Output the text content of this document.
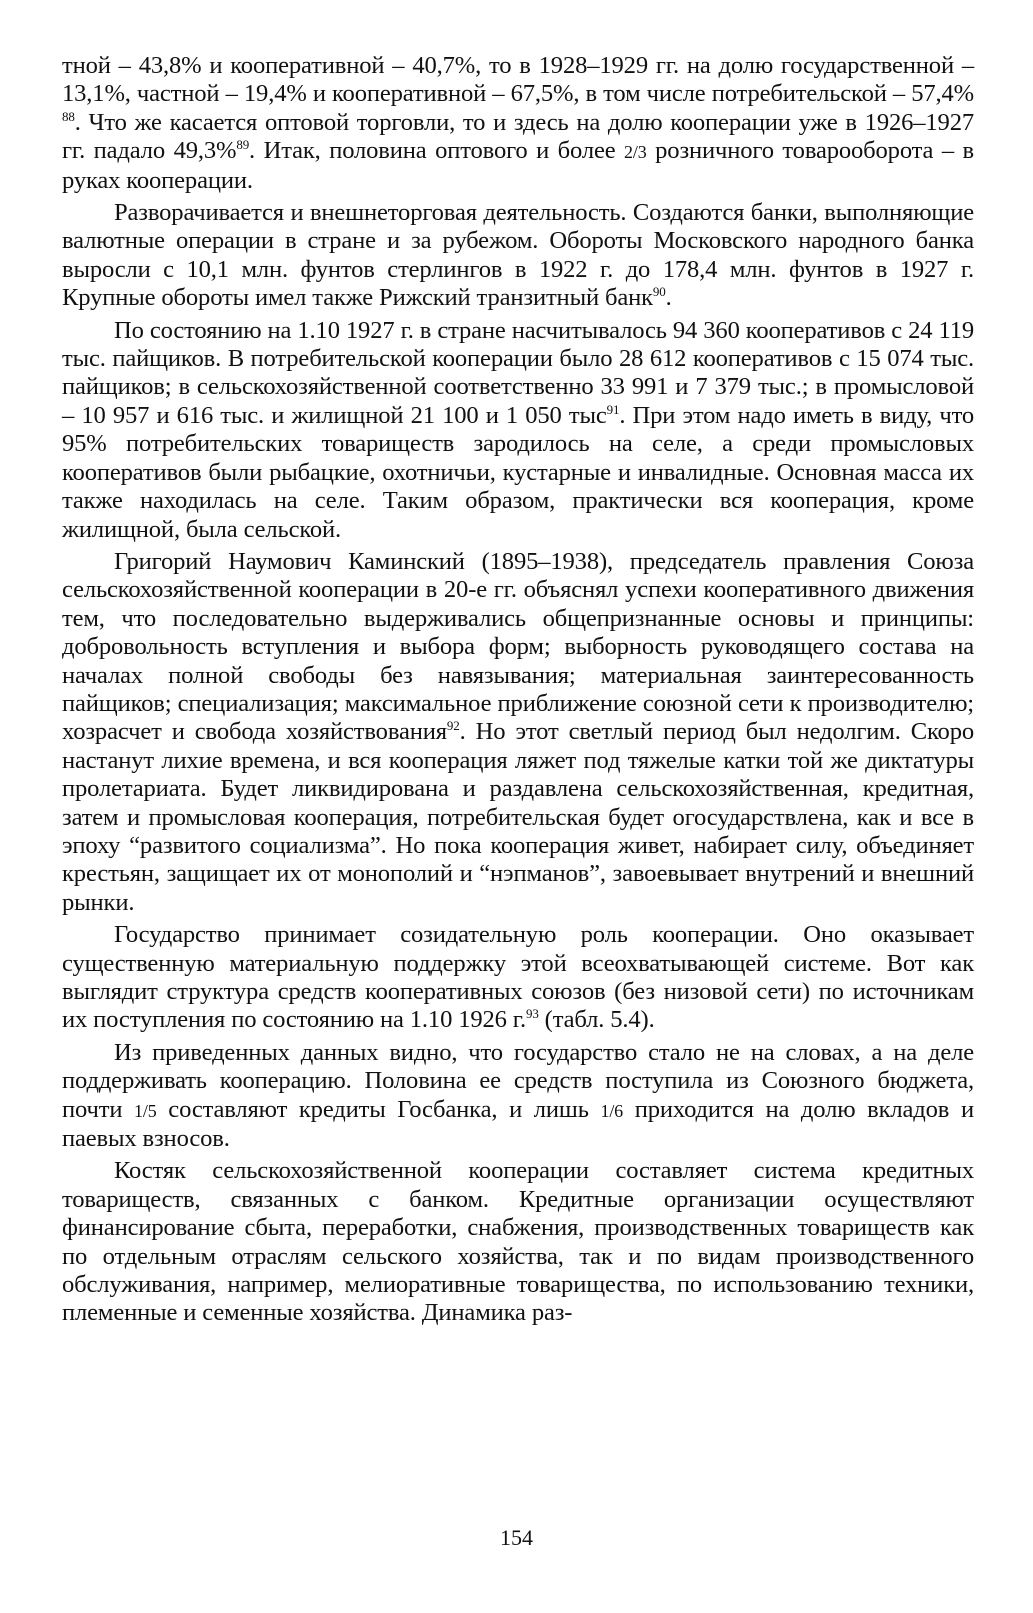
тной – 43,8% и кооперативной – 40,7%, то в 1928–1929 гг. на долю государственной – 13,1%, частной – 19,4% и кооперативной – 67,5%, в том числе потребительской – 57,4% $^{88}$. Что же касается оптовой торговли, то и здесь на долю кооперации уже в 1926–1927 гг. падало 49,3%$^{89}$. Итак, половина оптового и более 2/3 розничного товарооборота – в руках кооперации.

Разворачивается и внешнеторговая деятельность. Создаются банки, выполняющие валютные операции в стране и за рубежом. Обороты Московского народного банка выросли с 10,1 млн. фунтов стерлингов в 1922 г. до 178,4 млн. фунтов в 1927 г. Крупные обороты имел также Рижский транзитный банк$^{90}$.

По состоянию на 1.10 1927 г. в стране насчитывалось 94 360 кооперативов с 24 119 тыс. пайщиков. В потребительской кооперации было 28 612 кооперативов с 15 074 тыс. пайщиков; в сельскохозяйственной соответственно 33 991 и 7 379 тыс.; в промысловой – 10 957 и 616 тыс. и жилищной 21 100 и 1 050 тыс$^{91}$. При этом надо иметь в виду, что 95% потребительских товариществ зародилось на селе, а среди промысловых кооперативов были рыбацкие, охотничьи, кустарные и инвалидные. Основная масса их также находилась на селе. Таким образом, практически вся кооперация, кроме жилищной, была сельской.

Григорий Наумович Каминский (1895–1938), председатель правления Союза сельскохозяйственной кооперации в 20-е гг. объяснял успехи кооперативного движения тем, что последовательно выдерживались общепризнанные основы и принципы: добровольность вступления и выбора форм; выборность руководящего состава на началах полной свободы без навязывания; материальная заинтересованность пайщиков; специализация; максимальное приближение союзной сети к производителю; хозрасчет и свобода хозяйствования$^{92}$. Но этот светлый период был недолгим. Скоро настанут лихие времена, и вся кооперация ляжет под тяжелые катки той же диктатуры пролетариата. Будет ликвидирована и раздавлена сельскохозяйственная, кредитная, затем и промысловая кооперация, потребительская будет огосударствлена, как и все в эпоху “развитого социализма”. Но пока кооперация живет, набирает силу, объединяет крестьян, защищает их от монополий и “нэпманов”, завоевывает внутрений и внешний рынки.

Государство принимает созидательную роль кооперации. Оно оказывает существенную материальную поддержку этой всеохватывающей системе. Вот как выглядит структура средств кооперативных союзов (без низовой сети) по источникам их поступления по состоянию на 1.10 1926 г.$^{93}$ (табл. 5.4).

Из приведенных данных видно, что государство стало не на словах, а на деле поддерживать кооперацию. Половина ее средств поступила из Союзного бюджета, почти 1/5 составляют кредиты Госбанка, и лишь 1/6 приходится на долю вкладов и паевых взносов.

Костяк сельскохозяйственной кооперации составляет система кредитных товариществ, связанных с банком. Кредитные организации осуществляют финансирование сбыта, переработки, снабжения, производственных товариществ как по отдельным отраслям сельского хозяйства, так и по видам производственного обслуживания, например, мелиоративные товарищества, по использованию техники, племенные и семенные хозяйства. Динамика раз-

154
